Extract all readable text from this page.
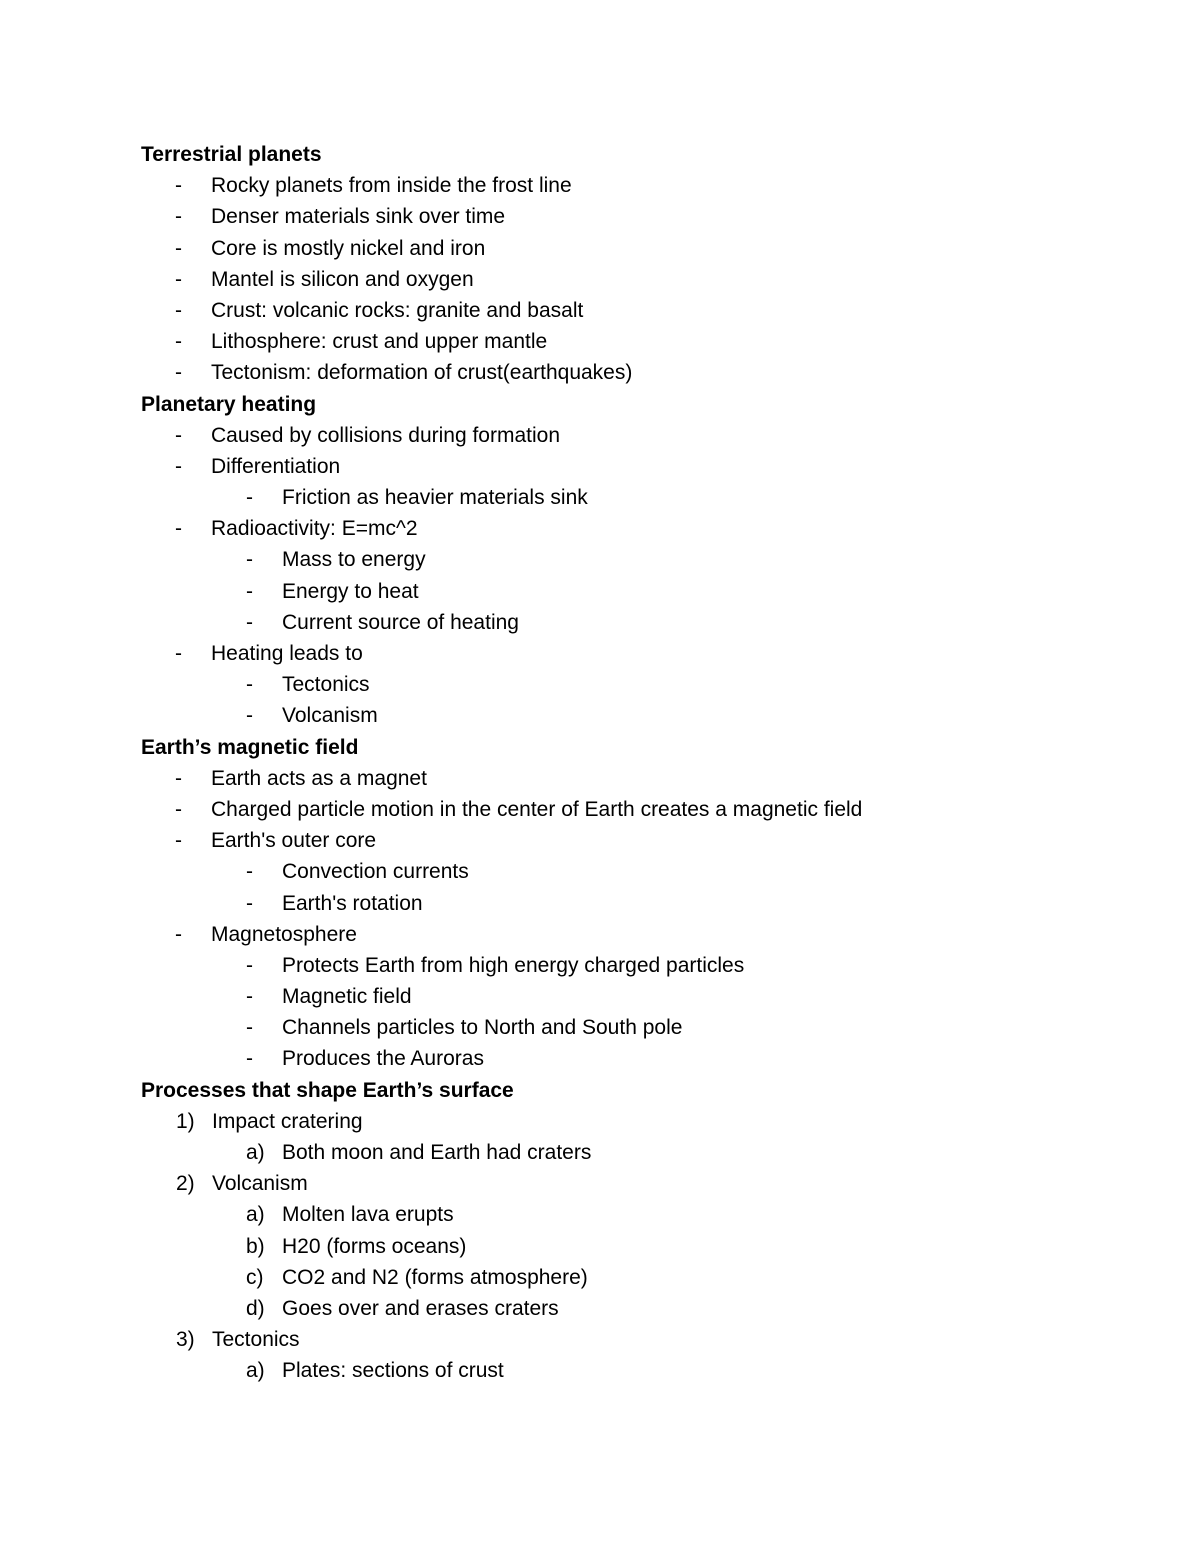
Terrestrial planets
- Rocky planets from inside the frost line
- Denser materials sink over time
- Core is mostly nickel and iron
- Mantel is silicon and oxygen
- Crust: volcanic rocks: granite and basalt
- Lithosphere: crust and upper mantle
- Tectonism: deformation of crust(earthquakes)
Planetary heating
- Caused by collisions during formation
- Differentiation
- Friction as heavier materials sink
- Radioactivity: E=mc^2
- Mass to energy
- Energy to heat
- Current source of heating
- Heating leads to
- Tectonics
- Volcanism
Earth’s magnetic field
- Earth acts as a magnet
- Charged particle motion in the center of Earth creates a magnetic field
- Earth's outer core
- Convection currents
- Earth's rotation
- Magnetosphere
- Protects Earth from high energy charged particles
- Magnetic field
- Channels particles to North and South pole
- Produces the Auroras
Processes that shape Earth’s surface
1) Impact cratering
a) Both moon and Earth had craters
2) Volcanism
a) Molten lava erupts
b) H20 (forms oceans)
c) CO2 and N2 (forms atmosphere)
d) Goes over and erases craters
3) Tectonics
a) Plates: sections of crust
